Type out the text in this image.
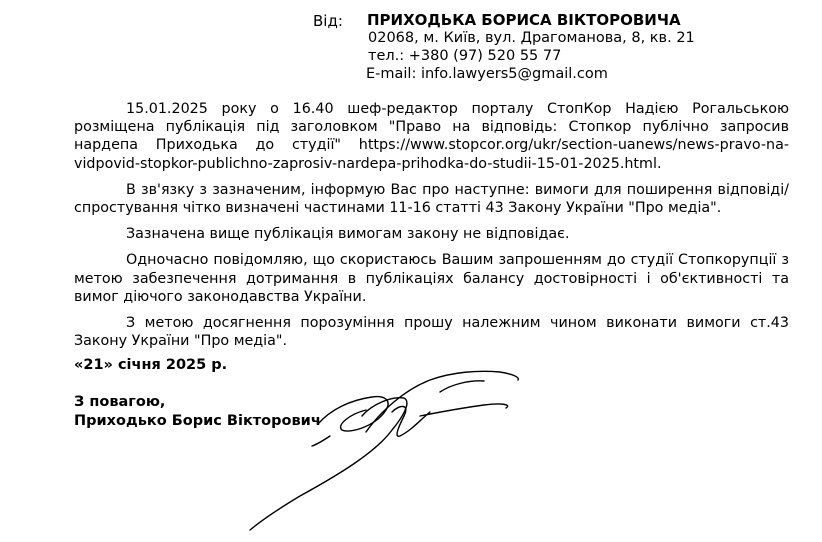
Від: ПРИХОДЬКА БОРИСА ВІКТОРОВИЧА
02068, м. Київ, вул. Драгоманова, 8, кв. 21
тел.: +380 (97) 520 55 77
E-mail: info.lawyers5@gmail.com

15.01.2025 року о 16.40 шеф-редактор порталу СтопКор Надією Рогальською розміщена публікація під заголовком "Право на відповідь: Стопкор публічно запросив нардепа Приходька до студії" https://www.stopcor.org/ukr/section-uanews/news-pravo-na-vidpovid-stopkor-publichno-zaprosiv-nardepa-prihodka-do-studii-15-01-2025.html.

В зв'язку з зазначеним, інформую Вас про наступне: вимоги для поширення відповіді/спростування чітко визначені частинами 11-16 статті 43 Закону України "Про медіа".

Зазначена вище публікація вимогам закону не відповідає.

Одночасно повідомляю, що скористаюсь Вашим запрошенням до студії Стопкорупції з метою забезпечення дотримання в публікаціях балансу достовірності і об'єктивності та вимог діючого законодавства України.

З метою досягнення порозуміння прошу належним чином виконати вимоги ст.43 Закону України "Про медіа".

«21» січня 2025 р.
З повагою,
Приходько Борис Вікторович
